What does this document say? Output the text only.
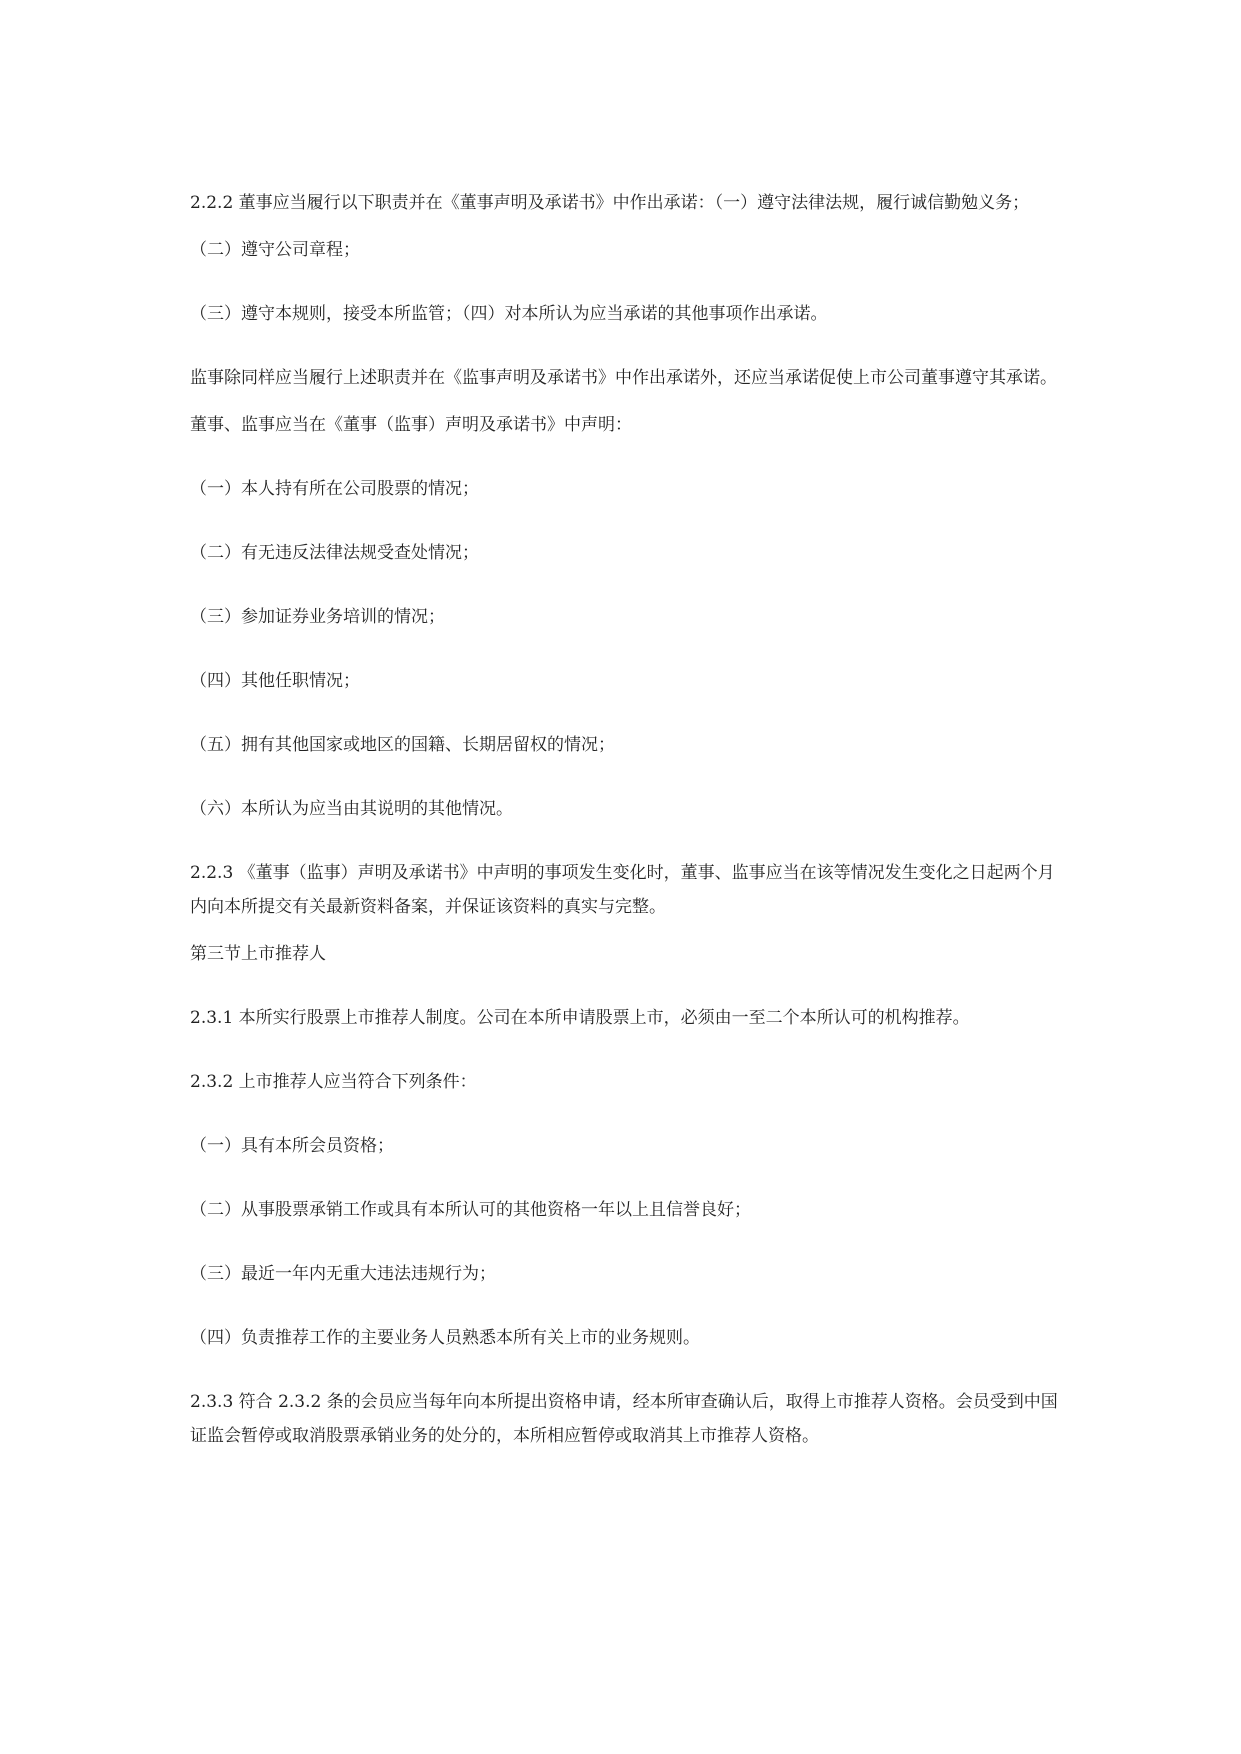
2.2.2 董事应当履行以下职责并在《董事声明及承诺书》中作出承诺：（一）遵守法律法规，履行诚信勤勉义务；

（二）遵守公司章程；

（三）遵守本规则，接受本所监管；（四）对本所认为应当承诺的其他事项作出承诺。

监事除同样应当履行上述职责并在《监事声明及承诺书》中作出承诺外，还应当承诺促使上市公司董事遵守其承诺。

董事、监事应当在《董事（监事）声明及承诺书》中声明：

（一）本人持有所在公司股票的情况；

（二）有无违反法律法规受查处情况；

（三）参加证券业务培训的情况；

（四）其他任职情况；

（五）拥有其他国家或地区的国籍、长期居留权的情况；

（六）本所认为应当由其说明的其他情况。

2.2.3 《董事（监事）声明及承诺书》中声明的事项发生变化时，董事、监事应当在该等情况发生变化之日起两个月内向本所提交有关最新资料备案，并保证该资料的真实与完整。

第三节上市推荐人

2.3.1 本所实行股票上市推荐人制度。公司在本所申请股票上市，必须由一至二个本所认可的机构推荐。

2.3.2 上市推荐人应当符合下列条件：

（一）具有本所会员资格；

（二）从事股票承销工作或具有本所认可的其他资格一年以上且信誉良好；

（三）最近一年内无重大违法违规行为；

（四）负责推荐工作的主要业务人员熟悉本所有关上市的业务规则。

2.3.3 符合 2.3.2 条的会员应当每年向本所提出资格申请，经本所审查确认后，取得上市推荐人资格。会员受到中国证监会暂停或取消股票承销业务的处分的，本所相应暂停或取消其上市推荐人资格。
